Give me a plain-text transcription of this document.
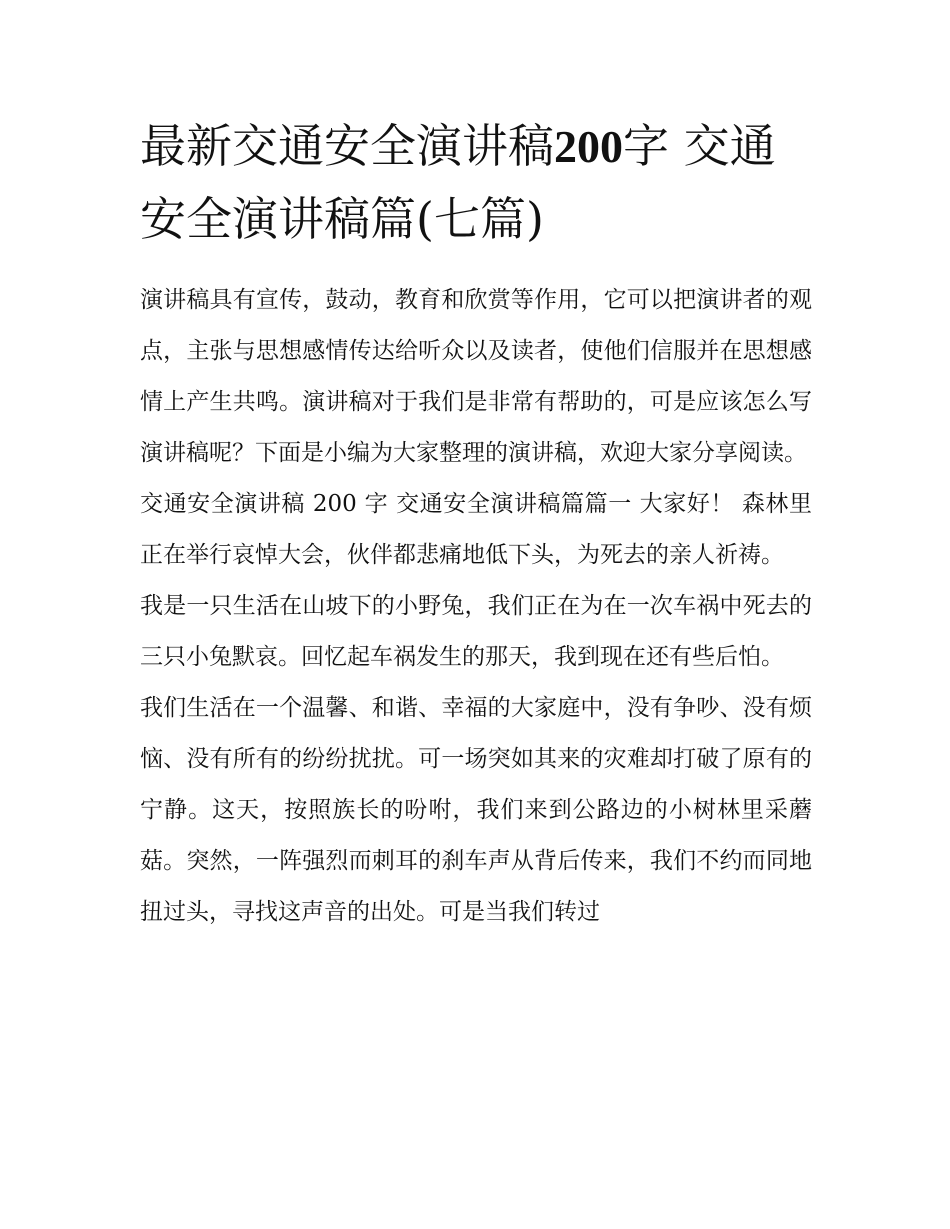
最新交通安全演讲稿200字 交通安全演讲稿篇(七篇)

演讲稿具有宣传，鼓动，教育和欣赏等作用，它可以把演讲者的观点，主张与思想感情传达给听众以及读者，使他们信服并在思想感情上产生共鸣。演讲稿对于我们是非常有帮助的，可是应该怎么写演讲稿呢？下面是小编为大家整理的演讲稿，欢迎大家分享阅读。

交通安全演讲稿 200 字 交通安全演讲稿篇篇一 大家好！ 森林里正在举行哀悼大会，伙伴都悲痛地低下头，为死去的亲人祈祷。

我是一只生活在山坡下的小野兔，我们正在为在一次车祸中死去的三只小兔默哀。回忆起车祸发生的那天，我到现在还有些后怕。

我们生活在一个温馨、和谐、幸福的大家庭中，没有争吵、没有烦恼、没有所有的纷纷扰扰。可一场突如其来的灾难却打破了原有的宁静。这天，按照族长的吩咐，我们来到公路边的小树林里采蘑菇。突然，一阵强烈而刺耳的刹车声从背后传来，我们不约而同地扭过头，寻找这声音的出处。可是当我们转过
